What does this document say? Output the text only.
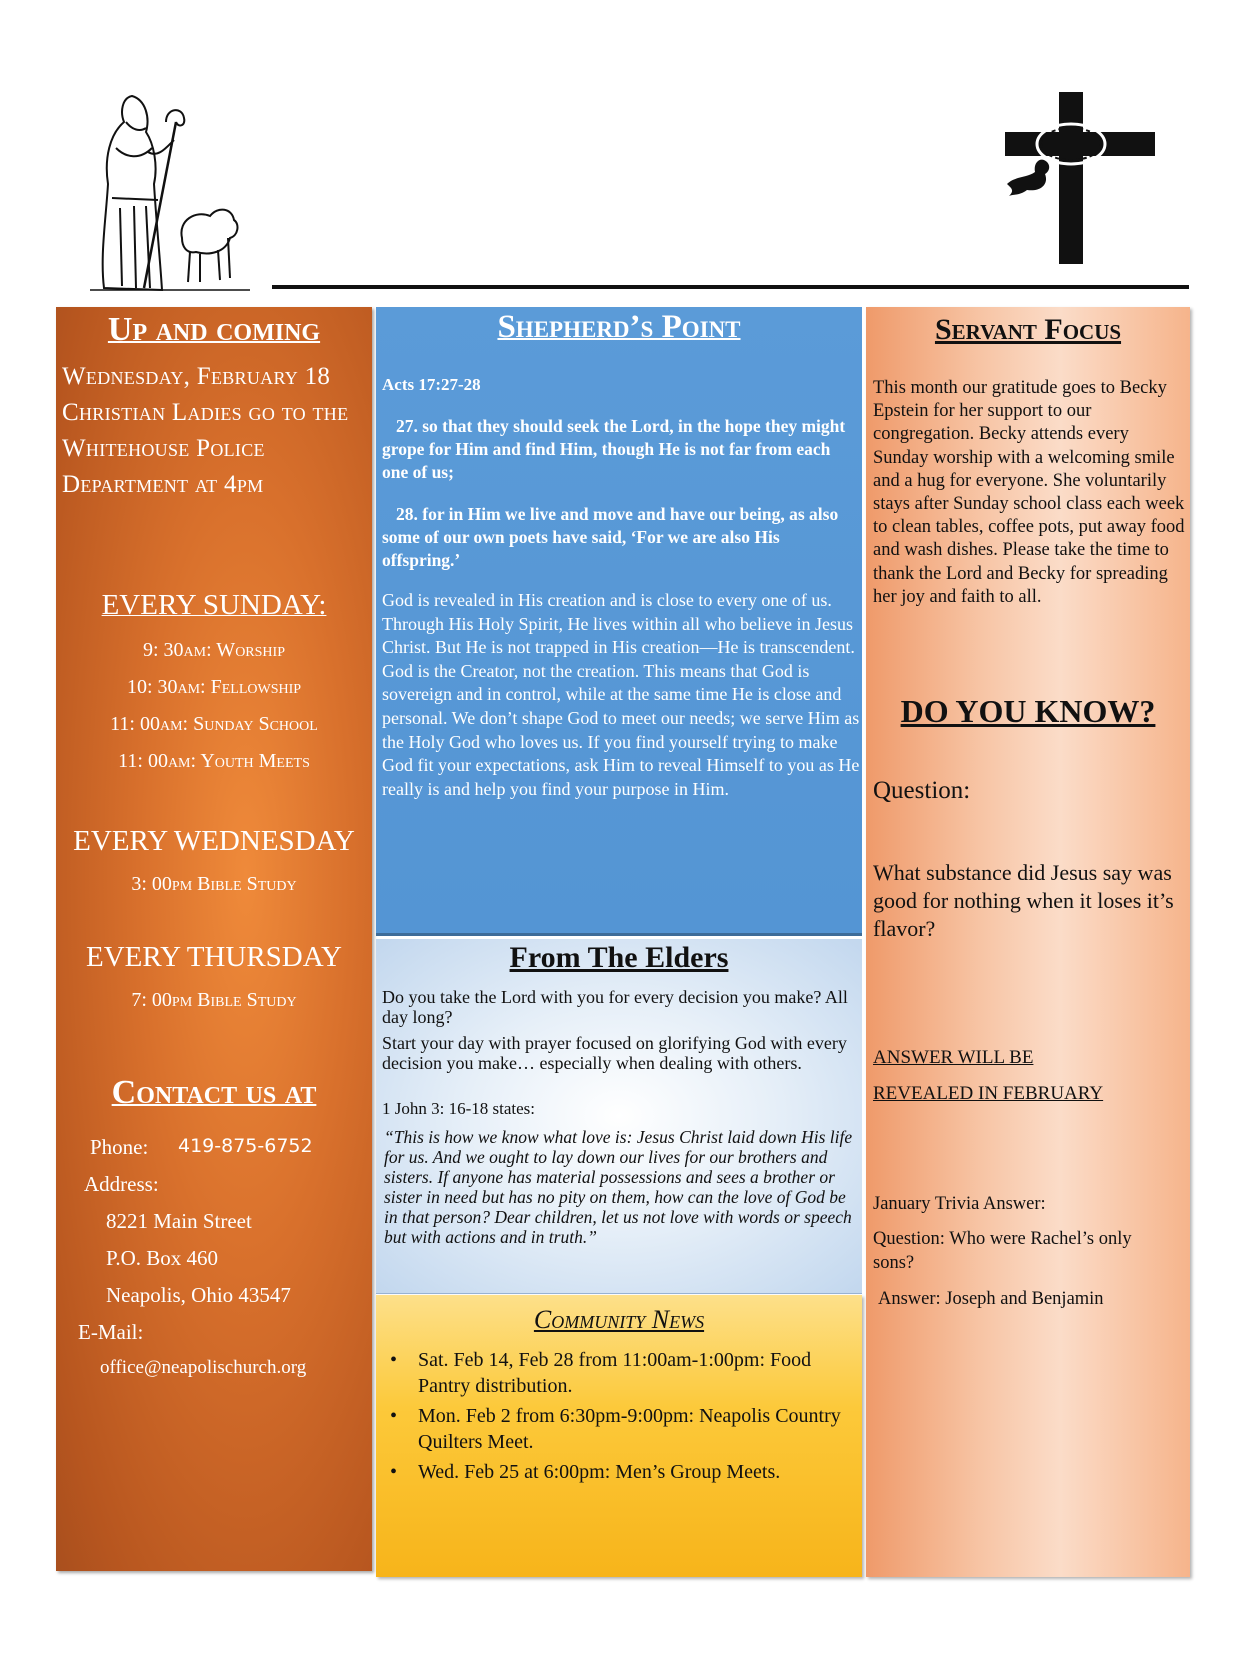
Up and coming
Wednesday, February 18 Christian Ladies go to the Whitehouse Police Department at 4pm
EVERY SUNDAY:
9: 30am: Worship
10: 30am: Fellowship
11: 00am: Sunday School
11: 00am: Youth Meets
EVERY WEDNESDAY
3: 00pm Bible Study
EVERY THURSDAY
7: 00pm Bible Study
Contact us at
Phone: 419-875-6752
Address:
8221 Main Street
P.O. Box 460
Neapolis, Ohio 43547
E-Mail:
office@neapolischurch.org
Shepherd’s Point
Acts 17:27-28
27. so that they should seek the Lord, in the hope they might grope for Him and find Him, though He is not far from each one of us;
28. for in Him we live and move and have our being, as also some of our own poets have said, ‘For we are also His offspring.’
God is revealed in His creation and is close to every one of us. Through His Holy Spirit, He lives within all who believe in Jesus Christ. But He is not trapped in His creation—He is transcendent. God is the Creator, not the creation. This means that God is sovereign and in control, while at the same time He is close and personal. We don’t shape God to meet our needs; we serve Him as the Holy God who loves us. If you find yourself trying to make God fit your expectations, ask Him to reveal Himself to you as He really is and help you find your purpose in Him.
From The Elders
Do you take the Lord with you for every decision you make? All day long?
Start your day with prayer focused on glorifying God with every decision you make… especially when dealing with others.
1 John 3: 16-18 states:
“This is how we know what love is: Jesus Christ laid down His life for us. And we ought to lay down our lives for our brothers and sisters. If anyone has material possessions and sees a brother or sister in need but has no pity on them, how can the love of God be in that person? Dear children, let us not love with words or speech but with actions and in truth.”
Community News
• Sat. Feb 14, Feb 28 from 11:00am-1:00pm: Food Pantry distribution.
• Mon. Feb 2 from 6:30pm-9:00pm: Neapolis Country Quilters Meet.
• Wed. Feb 25 at 6:00pm: Men’s Group Meets.
Servant Focus
This month our gratitude goes to Becky Epstein for her support to our congregation. Becky attends every Sunday worship with a welcoming smile and a hug for everyone. She voluntarily stays after Sunday school class each week to clean tables, coffee pots, put away food and wash dishes. Please take the time to thank the Lord and Becky for spreading her joy and faith to all.
DO YOU KNOW?
Question:
What substance did Jesus say was good for nothing when it loses it’s flavor?
ANSWER WILL BE
REVEALED IN FEBRUARY
January Trivia Answer:
Question: Who were Rachel’s only sons?
Answer: Joseph and Benjamin
